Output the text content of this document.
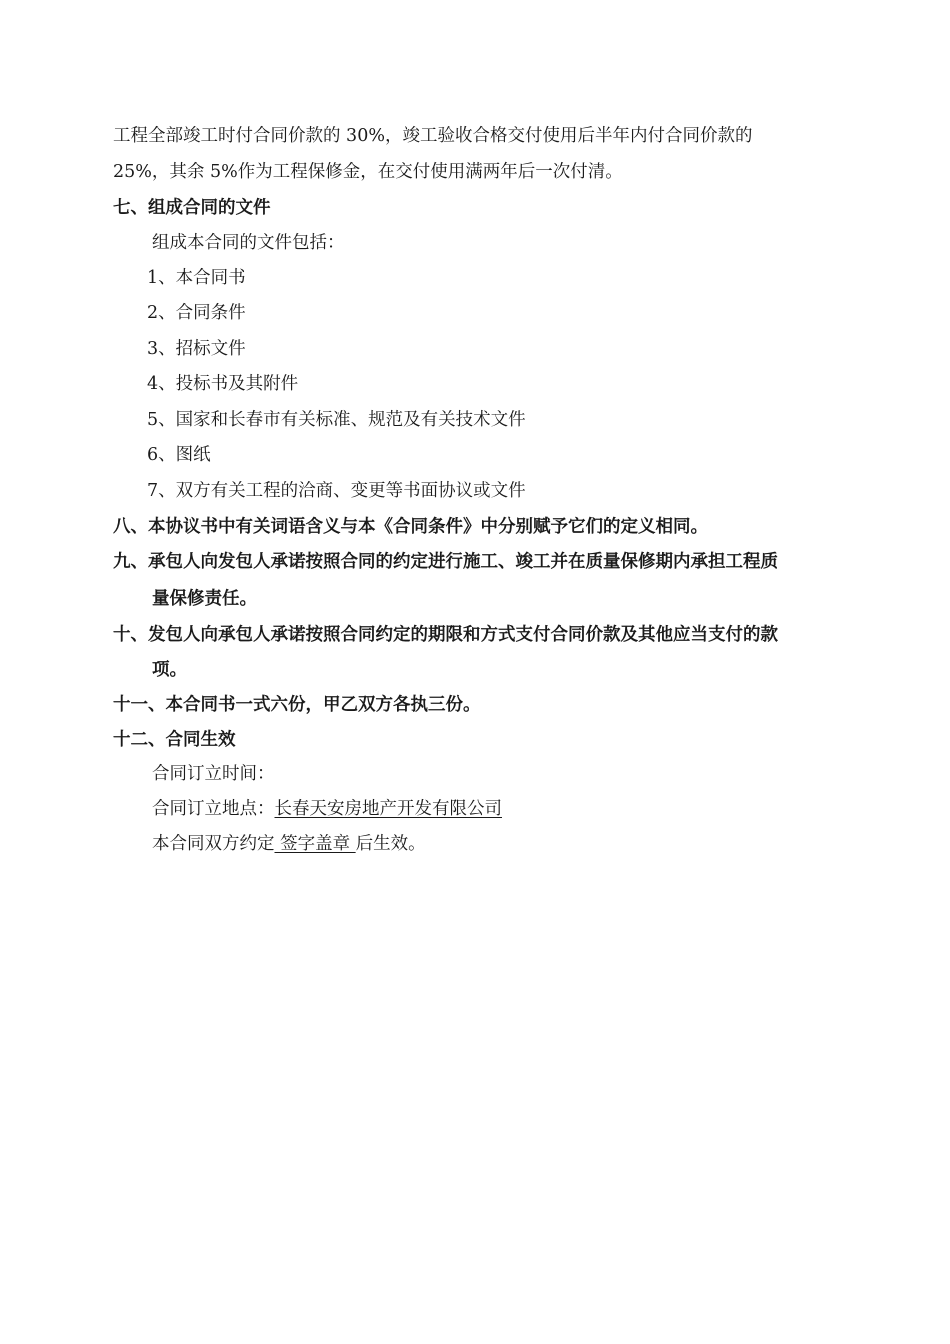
工程全部竣工时付合同价款的 30%，竣工验收合格交付使用后半年内付合同价款的
25%，其余 5%作为工程保修金，在交付使用满两年后一次付清。
七、组成合同的文件
组成本合同的文件包括：
1、本合同书
2、合同条件
3、招标文件
4、投标书及其附件
5、国家和长春市有关标准、规范及有关技术文件
6、图纸
7、双方有关工程的洽商、变更等书面协议或文件
八、本协议书中有关词语含义与本《合同条件》中分别赋予它们的定义相同。
九、承包人向发包人承诺按照合同的约定进行施工、竣工并在质量保修期内承担工程质
量保修责任。
十、发包人向承包人承诺按照合同约定的期限和方式支付合同价款及其他应当支付的款
项。
十一、本合同书一式六份，甲乙双方各执三份。
十二、合同生效
合同订立时间：
合同订立地点：长春天安房地产开发有限公司
本合同双方约定 签字盖章 后生效。
